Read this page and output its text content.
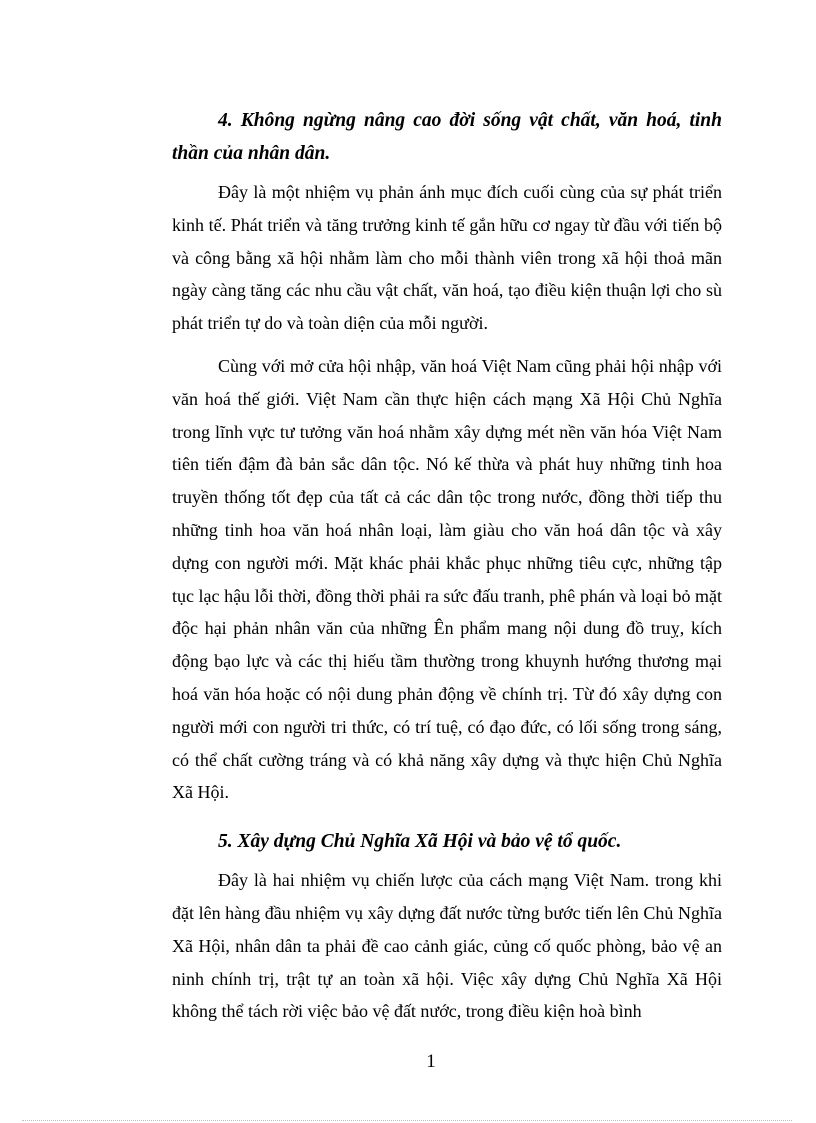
4. Không ngừng nâng cao đời sống vật chất, văn hoá, tinh thần của nhân dân.

Đây là một nhiệm vụ phản ánh mục đích cuối cùng của sự phát triển kinh tế. Phát triển và tăng trưởng kinh tế gắn hữu cơ ngay từ đầu với tiến bộ và công bằng xã hội nhằm làm cho mỗi thành viên trong xã hội thoả mãn ngày càng tăng các nhu cầu vật chất, văn hoá, tạo điều kiện thuận lợi cho sù phát triển tự do và toàn diện của mỗi người.

Cùng với mở cửa hội nhập, văn hoá Việt Nam cũng phải hội nhập với văn hoá thế giới. Việt Nam cần thực hiện cách mạng Xã Hội Chủ Nghĩa trong lĩnh vực tư tưởng văn hoá nhằm xây dựng mét nền văn hóa Việt Nam tiên tiến đậm đà bản sắc dân tộc. Nó kế thừa và phát huy những tinh hoa truyền thống tốt đẹp của tất cả các dân tộc trong nước, đồng thời tiếp thu những tinh hoa văn hoá nhân loại, làm giàu cho văn hoá dân tộc và xây dựng con người mới. Mặt khác phải khắc phục những tiêu cực, những tập tục lạc hậu lỗi thời, đồng thời phải ra sức đấu tranh, phê phán và loại bỏ mặt độc hại phản nhân văn của những Ên phẩm mang nội dung đồ truỵ, kích động bạo lực và các thị hiếu tầm thường trong khuynh hướng thương mại hoá văn hóa hoặc có nội dung phản động về chính trị. Từ đó xây dựng con người mới con người tri thức, có trí tuệ, có đạo đức, có lối sống trong sáng, có thể chất cường tráng và có khả năng xây dựng và thực hiện Chủ Nghĩa Xã Hội.

5. Xây dựng Chủ Nghĩa Xã Hội và bảo vệ tổ quốc.

Đây là hai nhiệm vụ chiến lược của cách mạng Việt Nam. trong khi đặt lên hàng đầu nhiệm vụ xây dựng đất nước từng bước tiến lên Chủ Nghĩa Xã Hội, nhân dân ta phải đề cao cảnh giác, củng cố quốc phòng, bảo vệ an ninh chính trị, trật tự an toàn xã hội. Việc xây dựng Chủ Nghĩa Xã Hội không thể tách rời việc bảo vệ đất nước, trong điều kiện hoà bình

1
